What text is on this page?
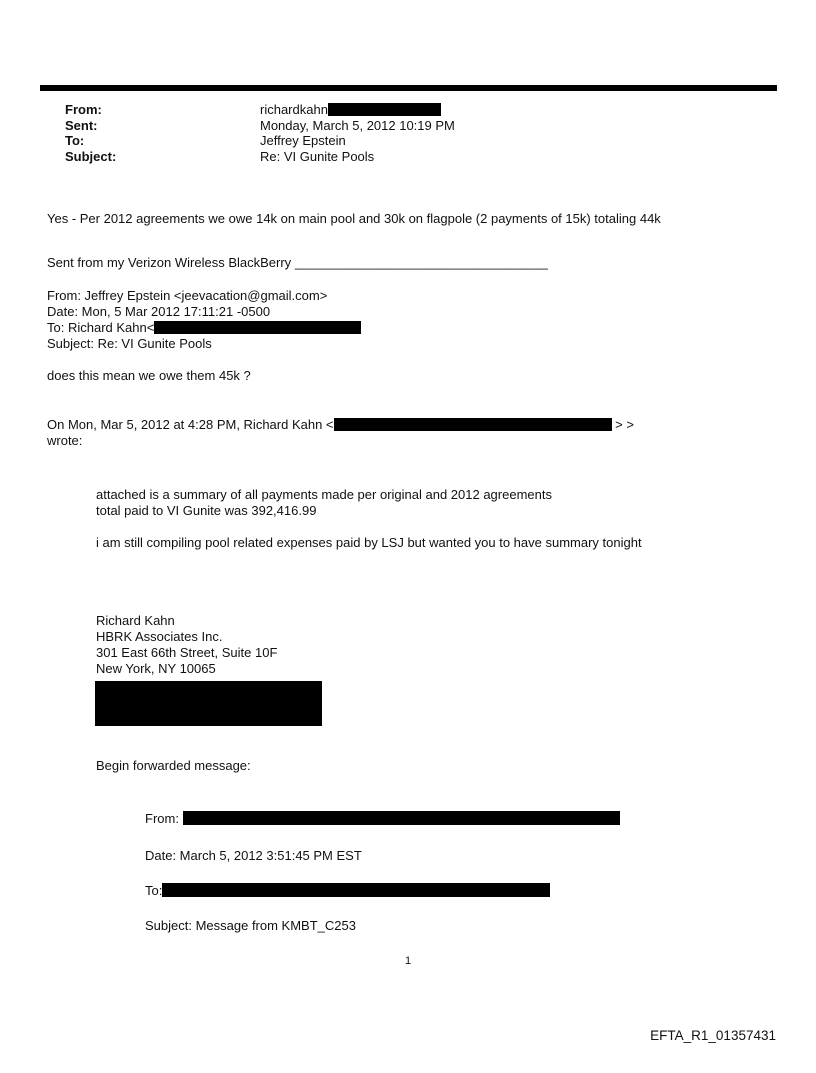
From:	richardkahn
Sent:	Monday, March 5, 2012 10:19 PM
To:	Jeffrey Epstein
Subject:	Re: VI Gunite Pools
Yes - Per 2012 agreements we owe 14k on main pool and 30k on flagpole (2 payments of 15k) totaling 44k
Sent from my Verizon Wireless BlackBerry ___________________________________
From: Jeffrey Epstein <jeevacation@gmail.com>
Date: Mon, 5 Mar 2012 17:11:21 -0500
To: Richard Kahn<
Subject: Re: VI Gunite Pools
does this mean we owe them 45k ?
On Mon, Mar 5, 2012 at 4:28 PM, Richard Kahn <	> >
wrote:
attached is a summary of all payments made per original and 2012 agreements
total paid to VI Gunite was 392,416.99
i am still compiling pool related expenses paid by LSJ but wanted you to have summary tonight
Richard Kahn
HBRK Associates Inc.
301 East 66th Street, Suite 10F
New York, NY 10065
Begin forwarded message:
From:
Date: March 5, 2012 3:51:45 PM EST
To:
Subject: Message from KMBT_C253
1
EFTA_R1_01357431
